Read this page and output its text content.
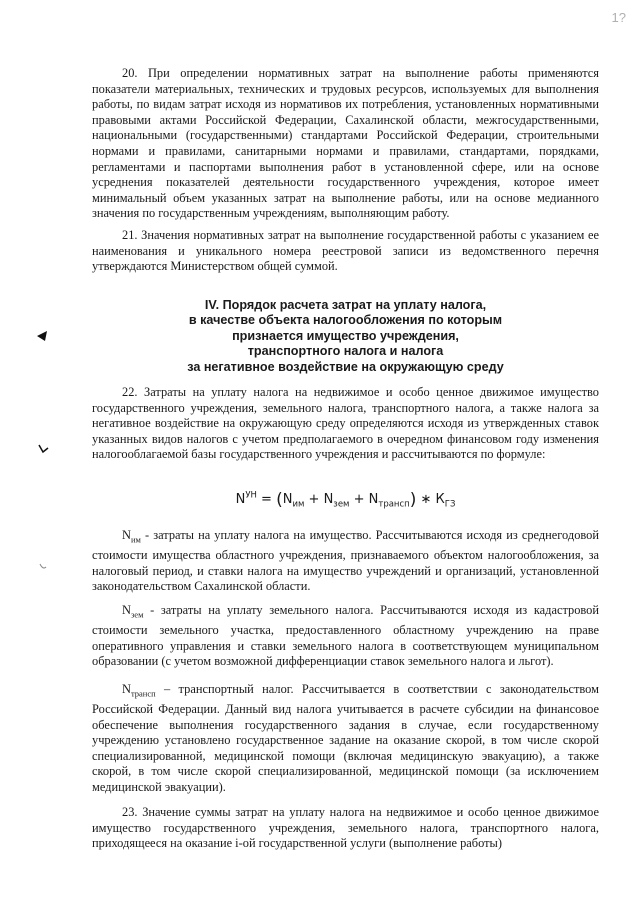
1?

20. При определении нормативных затрат на выполнение работы применяются показатели материальных, технических и трудовых ресурсов, используемых для выполнения работы, по видам затрат исходя из нормативов их потребления, установленных нормативными правовыми актами Российской Федерации, Сахалинской области, межгосударственными, национальными (государственными) стандартами Российской Федерации, строительными нормами и правилами, санитарными нормами и правилами, стандартами, порядками, регламентами и паспортами выполнения работ в установленной сфере, или на основе усреднения показателей деятельности государственного учреждения, которое имеет минимальный объем указанных затрат на выполнение работы, или на основе медианного значения по государственным учреждениям, выполняющим работу.

21. Значения нормативных затрат на выполнение государственной работы с указанием ее наименования и уникального номера реестровой записи из ведомственного перечня утверждаются Министерством общей суммой.

IV. Порядок расчета затрат на уплату налога,
в качестве объекта налогообложения по которым
признается имущество учреждения,
транспортного налога и налога
за негативное воздействие на окружающую среду

22. Затраты на уплату налога на недвижимое и особо ценное движимое имущество государственного учреждения, земельного налога, транспортного налога, а также налога за негативное воздействие на окружающую среду определяются исходя из утвержденных ставок указанных видов налогов с учетом предполагаемого в очередном финансовом году изменения налогооблагаемой базы государственного учреждения и рассчитываются по формуле:

$N^{УН} = (N_{им} + N_{зем} + N_{трансп})$ ∗ $К_{ГЗ}$

$N_{им}$ - затраты на уплату налога на имущество. Рассчитываются исходя из среднегодовой стоимости имущества областного учреждения, признаваемого объектом налогообложения, за налоговый период, и ставки налога на имущество учреждений и организаций, установленной законодательством Сахалинской области.

$N_{зем}$ - затраты на уплату земельного налога. Рассчитываются исходя из кадастровой стоимости земельного участка, предоставленного областному учреждению на праве оперативного управления и ставки земельного налога в соответствующем муниципальном образовании (с учетом возможной дифференциации ставок земельного налога и льгот).

$N_{трансп}$ – транспортный налог. Рассчитывается в соответствии с законодательством Российской Федерации. Данный вид налога учитывается в расчете субсидии на финансовое обеспечение выполнения государственного задания в случае, если государственному учреждению установлено государственное задание на оказание скорой, в том числе скорой специализированной, медицинской помощи (включая медицинскую эвакуацию), а также скорой, в том числе скорой специализированной, медицинской помощи (за исключением медицинской эвакуации).

23. Значение суммы затрат на уплату налога на недвижимое и особо ценное движимое имущество государственного учреждения, земельного налога, транспортного налога, приходящееся на оказание i-ой государственной услуги (выполнение работы)
